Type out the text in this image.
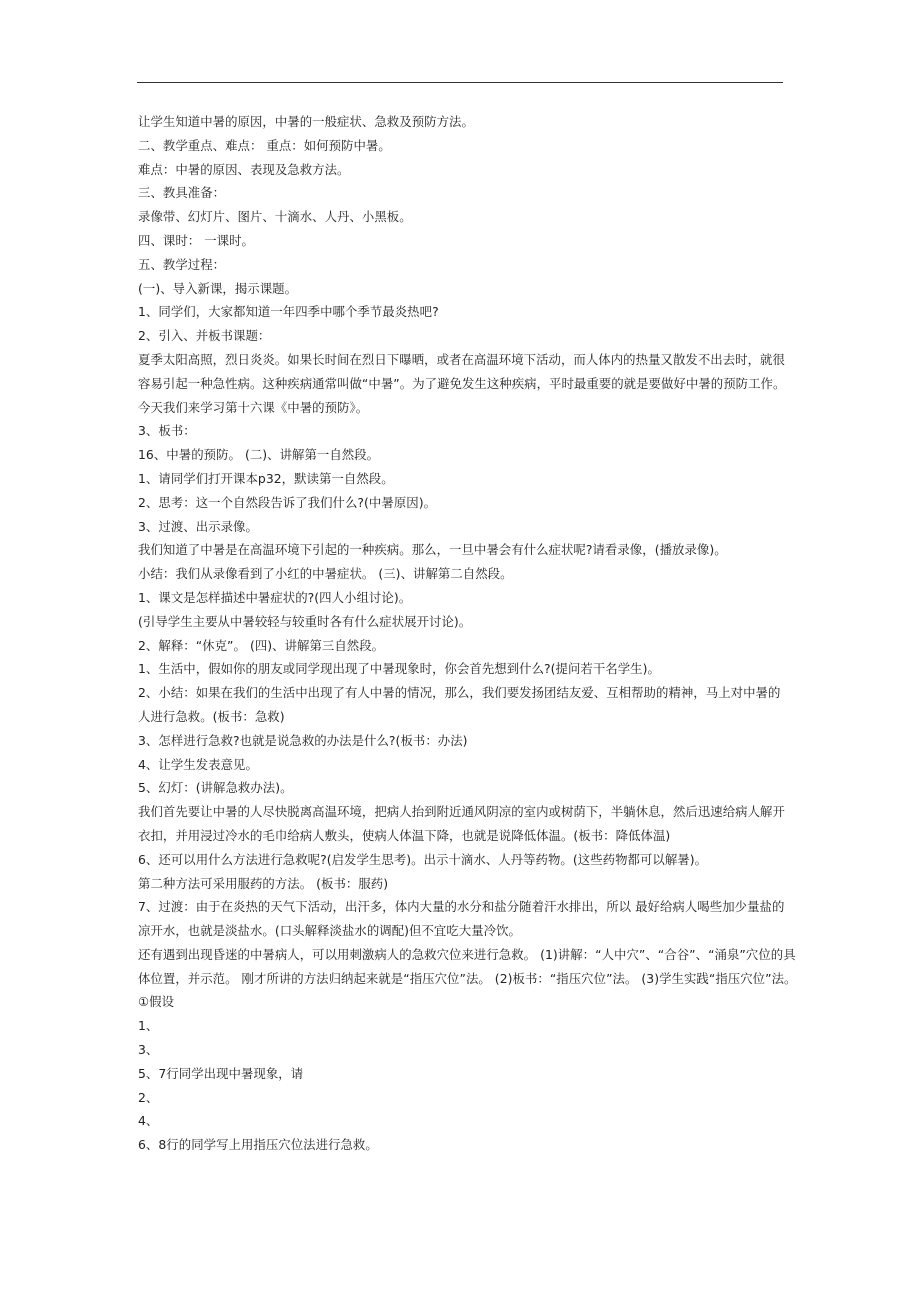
让学生知道中暑的原因，中暑的一般症状、急救及预防方法。
二、教学重点、难点： 重点：如何预防中暑。
难点：中暑的原因、表现及急救方法。
三、教具准备：
录像带、幻灯片、图片、十滴水、人丹、小黑板。
四、课时： 一课时。
五、教学过程：
(一)、导入新课，揭示课题。
1、同学们，大家都知道一年四季中哪个季节最炎热吧?
2、引入、并板书课题：
夏季太阳高照，烈日炎炎。如果长时间在烈日下曝晒，或者在高温环境下活动，而人体内的热量又散发不出去时，就很
容易引起一种急性病。这种疾病通常叫做“中暑”。为了避免发生这种疾病，平时最重要的就是要做好中暑的预防工作。
今天我们来学习第十六课《中暑的预防》。
3、板书：
16、中暑的预防。 (二)、讲解第一自然段。
1、请同学们打开课本p32，默读第一自然段。
2、思考：这一个自然段告诉了我们什么?(中暑原因)。
3、过渡、出示录像。
我们知道了中暑是在高温环境下引起的一种疾病。那么，一旦中暑会有什么症状呢?请看录像，(播放录像)。
小结：我们从录像看到了小红的中暑症状。 (三)、讲解第二自然段。
1、课文是怎样描述中暑症状的?(四人小组讨论)。
(引导学生主要从中暑较轻与较重时各有什么症状展开讨论)。
2、解释：“休克”。 (四)、讲解第三自然段。
1、生活中，假如你的朋友或同学现出现了中暑现象时，你会首先想到什么?(提问若干名学生)。
2、小结：如果在我们的生活中出现了有人中暑的情况，那么，我们要发扬团结友爱、互相帮助的精神，马上对中暑的
人进行急救。(板书：急救)
3、怎样进行急救?也就是说急救的办法是什么?(板书：办法)
4、让学生发表意见。
5、幻灯：(讲解急救办法)。
我们首先要让中暑的人尽快脱离高温环境，把病人抬到附近通风阴凉的室内或树荫下，半躺休息，然后迅速给病人解开
衣扣，并用浸过冷水的毛巾给病人敷头，使病人体温下降，也就是说降低体温。(板书：降低体温)
6、还可以用什么方法进行急救呢?(启发学生思考)。出示十滴水、人丹等药物。(这些药物都可以解暑)。
第二种方法可采用服药的方法。 (板书：服药)
7、过渡：由于在炎热的天气下活动，出汗多，体内大量的水分和盐分随着汗水排出，所以 最好给病人喝些加少量盐的
凉开水，也就是淡盐水。(口头解释淡盐水的调配)但不宜吃大量冷饮。
还有遇到出现昏迷的中暑病人，可以用刺激病人的急救穴位来进行急救。 (1)讲解：“人中穴”、“合谷”、“涌泉”穴位的具
体位置，并示范。 刚才所讲的方法归纳起来就是“指压穴位”法。 (2)板书：“指压穴位”法。 (3)学生实践“指压穴位”法。
①假设
1、
3、
5、7行同学出现中暑现象，请
2、
4、
6、8行的同学写上用指压穴位法进行急救。
